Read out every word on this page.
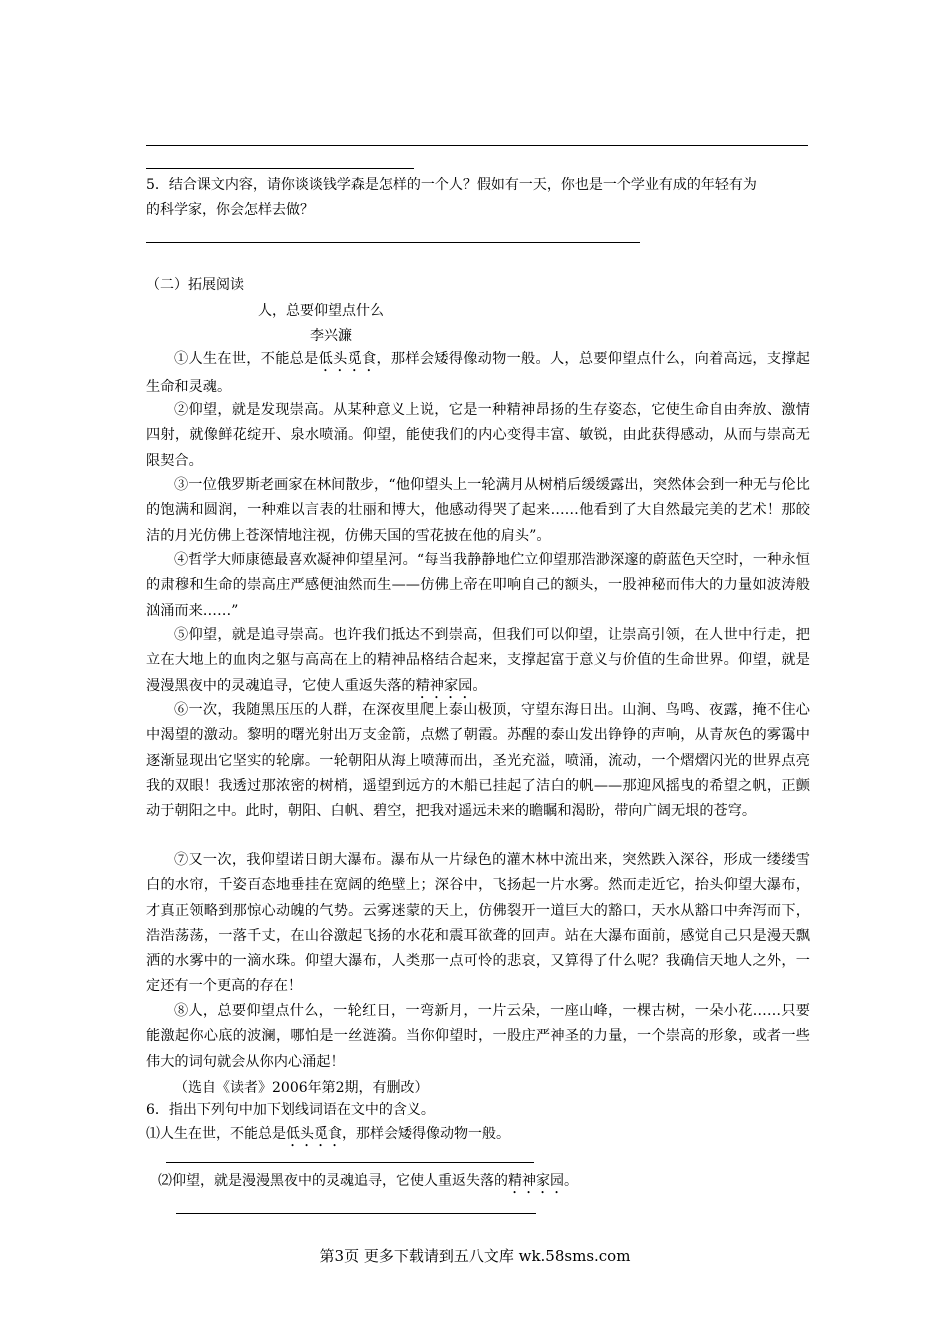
5．结合课文内容，请你谈谈钱学森是怎样的一个人？假如有一天，你也是一个学业有成的年轻有为
的科学家，你会怎样去做？
（二）拓展阅读
人，总要仰望点什么
李兴濂
①人生在世，不能总是低头觅食，那样会矮得像动物一般。人，总要仰望点什么，向着高远，支撑起生命和灵魂。
②仰望，就是发现崇高。从某种意义上说，它是一种精神昂扬的生存姿态，它使生命自由奔放、激情四射，就像鲜花绽开、泉水喷涌。仰望，能使我们的内心变得丰富、敏锐，由此获得感动，从而与崇高无限契合。
③一位俄罗斯老画家在林间散步，“他仰望头上一轮满月从树梢后缓缓露出，突然体会到一种无与伦比的饱满和圆润，一种难以言表的壮丽和博大，他感动得哭了起来……他看到了大自然最完美的艺术！那皎洁的月光仿佛上苍深情地注视，仿佛天国的雪花披在他的肩头”。
④哲学大师康德最喜欢凝神仰望星河。“每当我静静地伫立仰望那浩渺深邃的蔚蓝色天空时，一种永恒的肃穆和生命的崇高庄严感便油然而生——仿佛上帝在叩响自己的额头，一股神秘而伟大的力量如波涛般汹涌而来……”
⑤仰望，就是追寻崇高。也许我们抵达不到崇高，但我们可以仰望，让崇高引领，在人世中行走，把立在大地上的血肉之躯与高高在上的精神品格结合起来，支撑起富于意义与价值的生命世界。仰望，就是漫漫黑夜中的灵魂追寻，它使人重返失落的精神家园。
⑥一次，我随黑压压的人群，在深夜里爬上泰山极顶，守望东海日出。山涧、鸟鸣、夜露，掩不住心中渴望的激动。黎明的曙光射出万支金箭，点燃了朝霞。苏醒的泰山发出铮铮的声响，从青灰色的雾霭中逐渐显现出它坚实的轮廓。一轮朝阳从海上喷薄而出，圣光充溢，喷涌，流动，一个熠熠闪光的世界点亮我的双眼！我透过那浓密的树梢，遥望到远方的木船已挂起了洁白的帆——那迎风摇曳的希望之帆，正颤动于朝阳之中。此时，朝阳、白帆、碧空，把我对遥远未来的瞻瞩和渴盼，带向广阔无垠的苍穹。
⑦又一次，我仰望诺日朗大瀑布。瀑布从一片绿色的灌木林中流出来，突然跌入深谷，形成一缕缕雪白的水帘，千姿百态地垂挂在宽阔的绝壁上；深谷中，飞扬起一片水雾。然而走近它，抬头仰望大瀑布，才真正领略到那惊心动魄的气势。云雾迷蒙的天上，仿佛裂开一道巨大的豁口，天水从豁口中奔泻而下，浩浩荡荡，一落千丈，在山谷激起飞扬的水花和震耳欲聋的回声。站在大瀑布面前，感觉自己只是漫天飘洒的水雾中的一滴水珠。仰望大瀑布，人类那一点可怜的悲哀，又算得了什么呢？我确信天地人之外，一定还有一个更高的存在！
⑧人，总要仰望点什么，一轮红日，一弯新月，一片云朵，一座山峰，一棵古树，一朵小花……只要能激起你心底的波澜，哪怕是一丝涟漪。当你仰望时，一股庄严神圣的力量，一个崇高的形象，或者一些伟大的词句就会从你内心涌起！
（选自《读者》2006年第2期，有删改）
6．指出下列句中加下划线词语在文中的含义。
⑴人生在世，不能总是低头觅食，那样会矮得像动物一般。
⑵仰望，就是漫漫黑夜中的灵魂追寻，它使人重返失落的精神家园。
第3页 更多下载请到五八文库 wk.58sms.com
